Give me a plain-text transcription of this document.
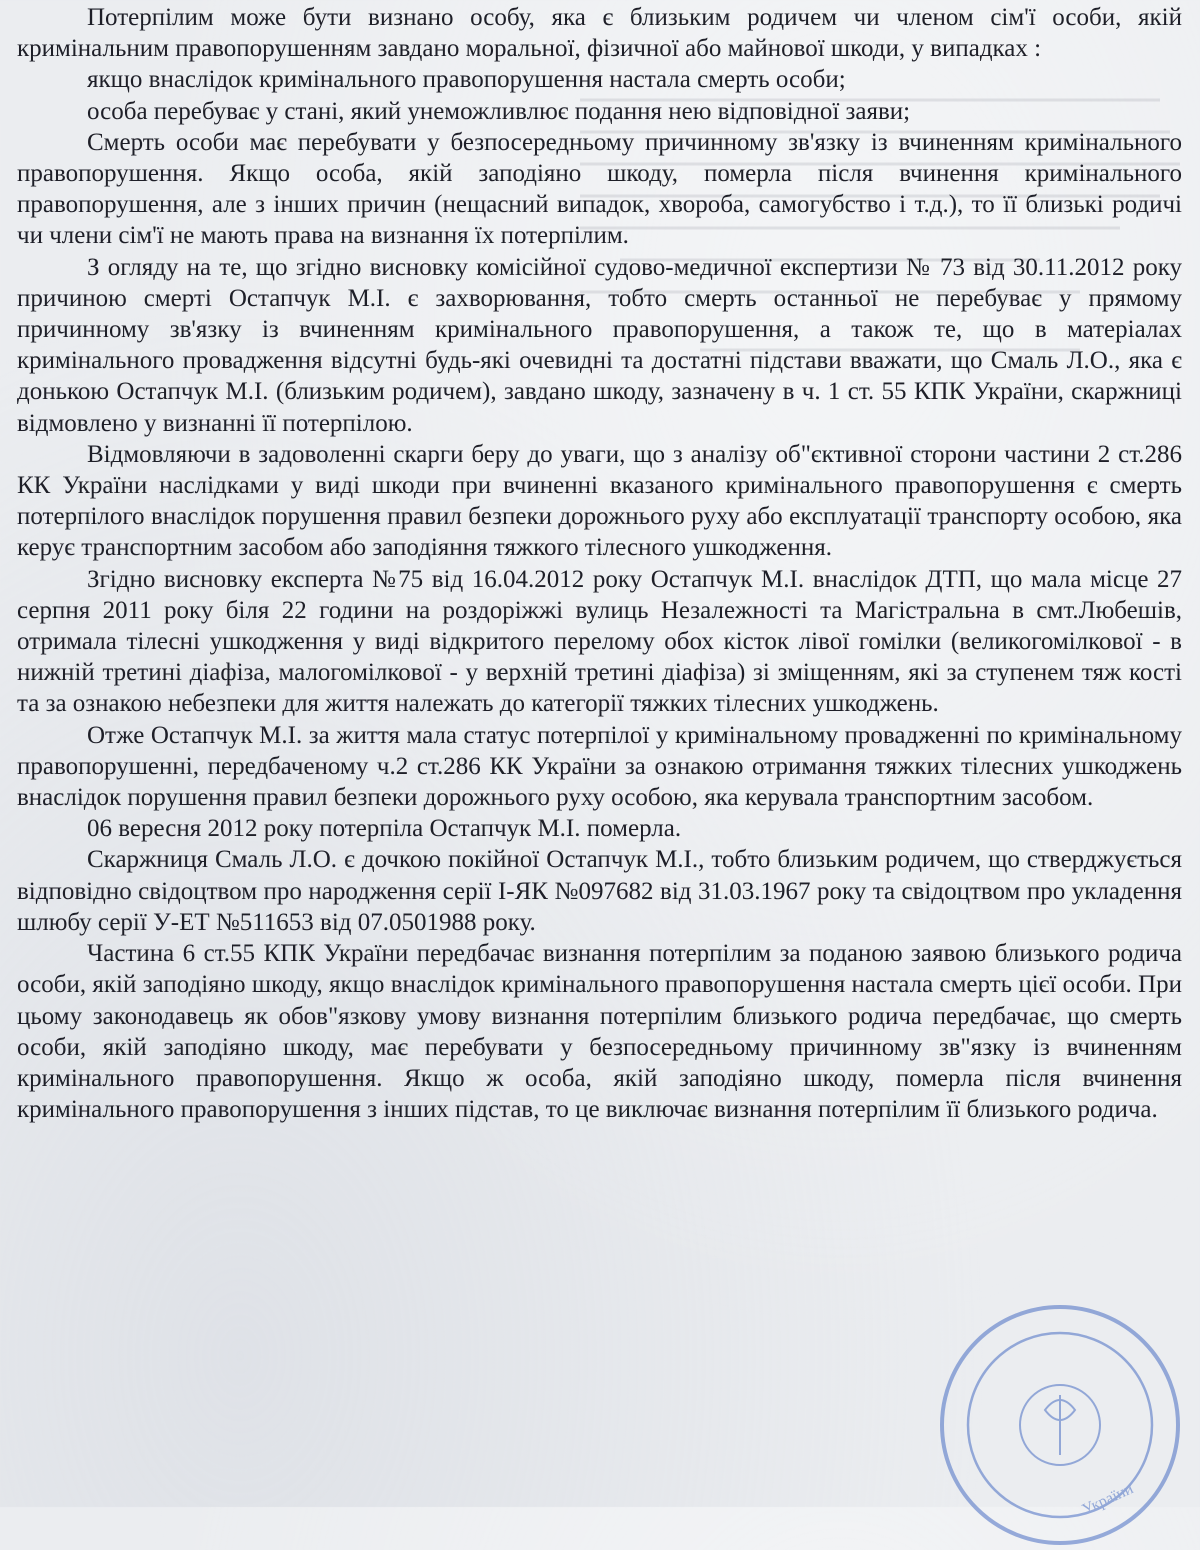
Потерпілим може бути визнано особу, яка є близьким родичем чи членом сім'ї особи, якій кримінальним правопорушенням завдано моральної, фізичної або майнової шкоди, у випадках :

якщо внаслідок кримінального правопорушення настала смерть особи;

особа перебуває у стані, який унеможливлює подання нею відповідної заяви;

Смерть особи має перебувати у безпосередньому причинному зв'язку із вчиненням кримінального правопорушення. Якщо особа, якій заподіяно шкоду, померла після вчинення кримінального правопорушення, але з інших причин (нещасний випадок, хвороба, самогубство і т.д.), то її близькі родичі чи члени сім'ї не мають права на визнання їх потерпілим.

З огляду на те, що згідно висновку комісійної судово-медичної експертизи № 73 від 30.11.2012 року причиною смерті Остапчук М.І. є захворювання, тобто смерть останньої не перебуває у прямому причинному зв'язку із вчиненням кримінального правопорушення, а також те, що в матеріалах кримінального провадження відсутні будь-які очевидні та достатні підстави вважати, що Смаль Л.О., яка є донькою Остапчук М.І. (близьким родичем), завдано шкоду, зазначену в ч. 1 ст. 55 КПК України, скаржниці відмовлено у визнанні її потерпілою.

Відмовляючи в задоволенні скарги беру до уваги, що з аналізу об"єктивної сторони частини 2 ст.286 КК України наслідками у виді шкоди при вчиненні вказаного кримінального правопорушення є смерть потерпілого внаслідок порушення правил безпеки дорожнього руху або експлуатації транспорту особою, яка керує транспортним засобом або заподіяння тяжкого тілесного ушкодження.

Згідно висновку експерта №75 від 16.04.2012 року Остапчук М.І. внаслідок ДТП, що мала місце 27 серпня 2011 року біля 22 години на роздоріжжі вулиць Незалежності та Магістральна в смт.Любешів, отримала тілесні ушкодження у виді відкритого перелому обох кісток лівої гомілки (великогомілкової - в нижній третині діафіза, малогомілкової - у верхній третині діафіза) зі зміщенням, які за ступенем тяж кості та за ознакою небезпеки для життя належать до категорії тяжких тілесних ушкоджень.

Отже Остапчук М.І. за життя мала статус потерпілої у кримінальному провадженні по кримінальному правопорушенні, передбаченому ч.2 ст.286 КК України за ознакою отримання тяжких тілесних ушкоджень внаслідок порушення правил безпеки дорожнього руху особою, яка керувала транспортним засобом.

06 вересня 2012 року потерпіла Остапчук М.І. померла.

Скаржниця Смаль Л.О. є дочкою покійної Остапчук М.І., тобто близьким родичем, що стверджується відповідно свідоцтвом про народження серії І-ЯК №097682 від 31.03.1967 року та свідоцтвом про укладення шлюбу серії У-ЕТ №511653 від 07.0501988 року.

Частина 6 ст.55 КПК України передбачає визнання потерпілим за поданою заявою близького родича особи, якій заподіяно шкоду, якщо внаслідок кримінального правопорушення настала смерть цієї особи. При цьому законодавець як обов"язкову умову визнання потерпілим близького родича передбачає, що смерть особи, якій заподіяно шкоду, має перебувати у безпосередньому причинному зв"язку із вчиненням кримінального правопорушення. Якщо ж особа, якій заподіяно шкоду, померла після вчинення кримінального правопорушення з інших підстав, то це виключає визнання потерпілим її близького родича.

України
